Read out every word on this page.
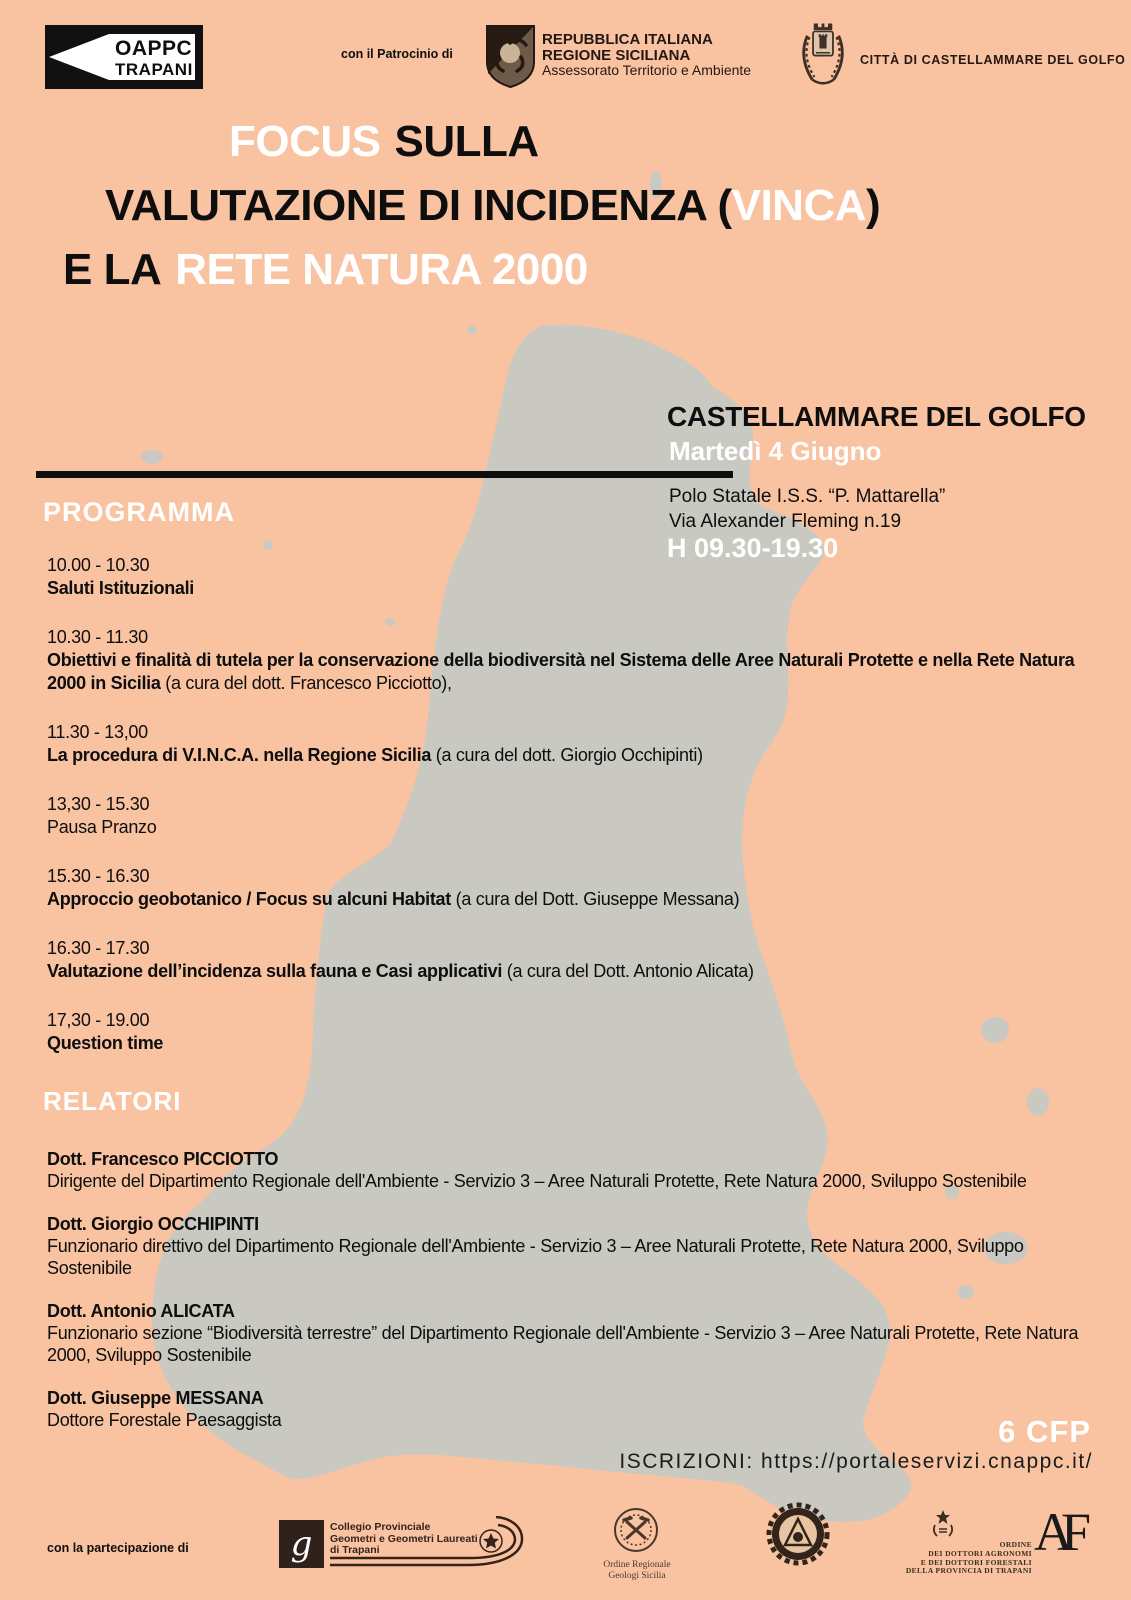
OAPPC
TRAPANI
con il Patrocinio di
REPUBBLICA ITALIANA
REGIONE SICILIANA
Assessorato Territorio e Ambiente
CITTÀ DI CASTELLAMMARE DEL GOLFO
FOCUS SULLA
VALUTAZIONE DI INCIDENZA (VINCA)
E LA RETE NATURA 2000
CASTELLAMMARE DEL GOLFO
Martedì 4 Giugno
Polo Statale I.S.S. “P. Mattarella”
Via Alexander Fleming n.19
H 09.30-19.30
PROGRAMMA
10.00 - 10.30
Saluti Istituzionali
10.30 - 11.30
Obiettivi e finalità di tutela per la conservazione della biodiversità nel Sistema delle Aree Naturali Protette e nella Rete Natura 2000 in Sicilia (a cura del dott. Francesco Picciotto),
11.30 - 13,00
La procedura di V.I.N.C.A. nella Regione Sicilia (a cura del dott. Giorgio Occhipinti)
13,30 - 15.30
Pausa Pranzo
15.30 - 16.30
Approccio geobotanico / Focus su alcuni Habitat (a cura del Dott. Giuseppe Messana)
16.30 - 17.30
Valutazione dell’incidenza sulla fauna e Casi applicativi (a cura del Dott. Antonio Alicata)
17,30 - 19.00
Question time
RELATORI
Dott. Francesco PICCIOTTO
Dirigente del Dipartimento Regionale dell'Ambiente - Servizio 3 – Aree Naturali Protette, Rete Natura 2000, Sviluppo Sostenibile
Dott. Giorgio OCCHIPINTI
Funzionario direttivo del Dipartimento Regionale dell'Ambiente - Servizio 3 – Aree Naturali Protette, Rete Natura 2000, Sviluppo Sostenibile
Dott. Antonio ALICATA
Funzionario sezione “Biodiversità terrestre” del Dipartimento Regionale dell'Ambiente - Servizio 3 – Aree Naturali Protette, Rete Natura 2000, Sviluppo Sostenibile
Dott. Giuseppe MESSANA
Dottore Forestale Paesaggista	6 CFP
ISCRIZIONI: https://portaleservizi.cnappc.it/
con la partecipazione di	g Collegio Provinciale
Geometri e Geometri Laureati
di Trapani
Ordine Regionale
Geologi Sicilia
ORDINE
DEI DOTTORI AGRONOMI
E DEI DOTTORI FORESTALI
DELLA PROVINCIA DI TRAPANI
AF
